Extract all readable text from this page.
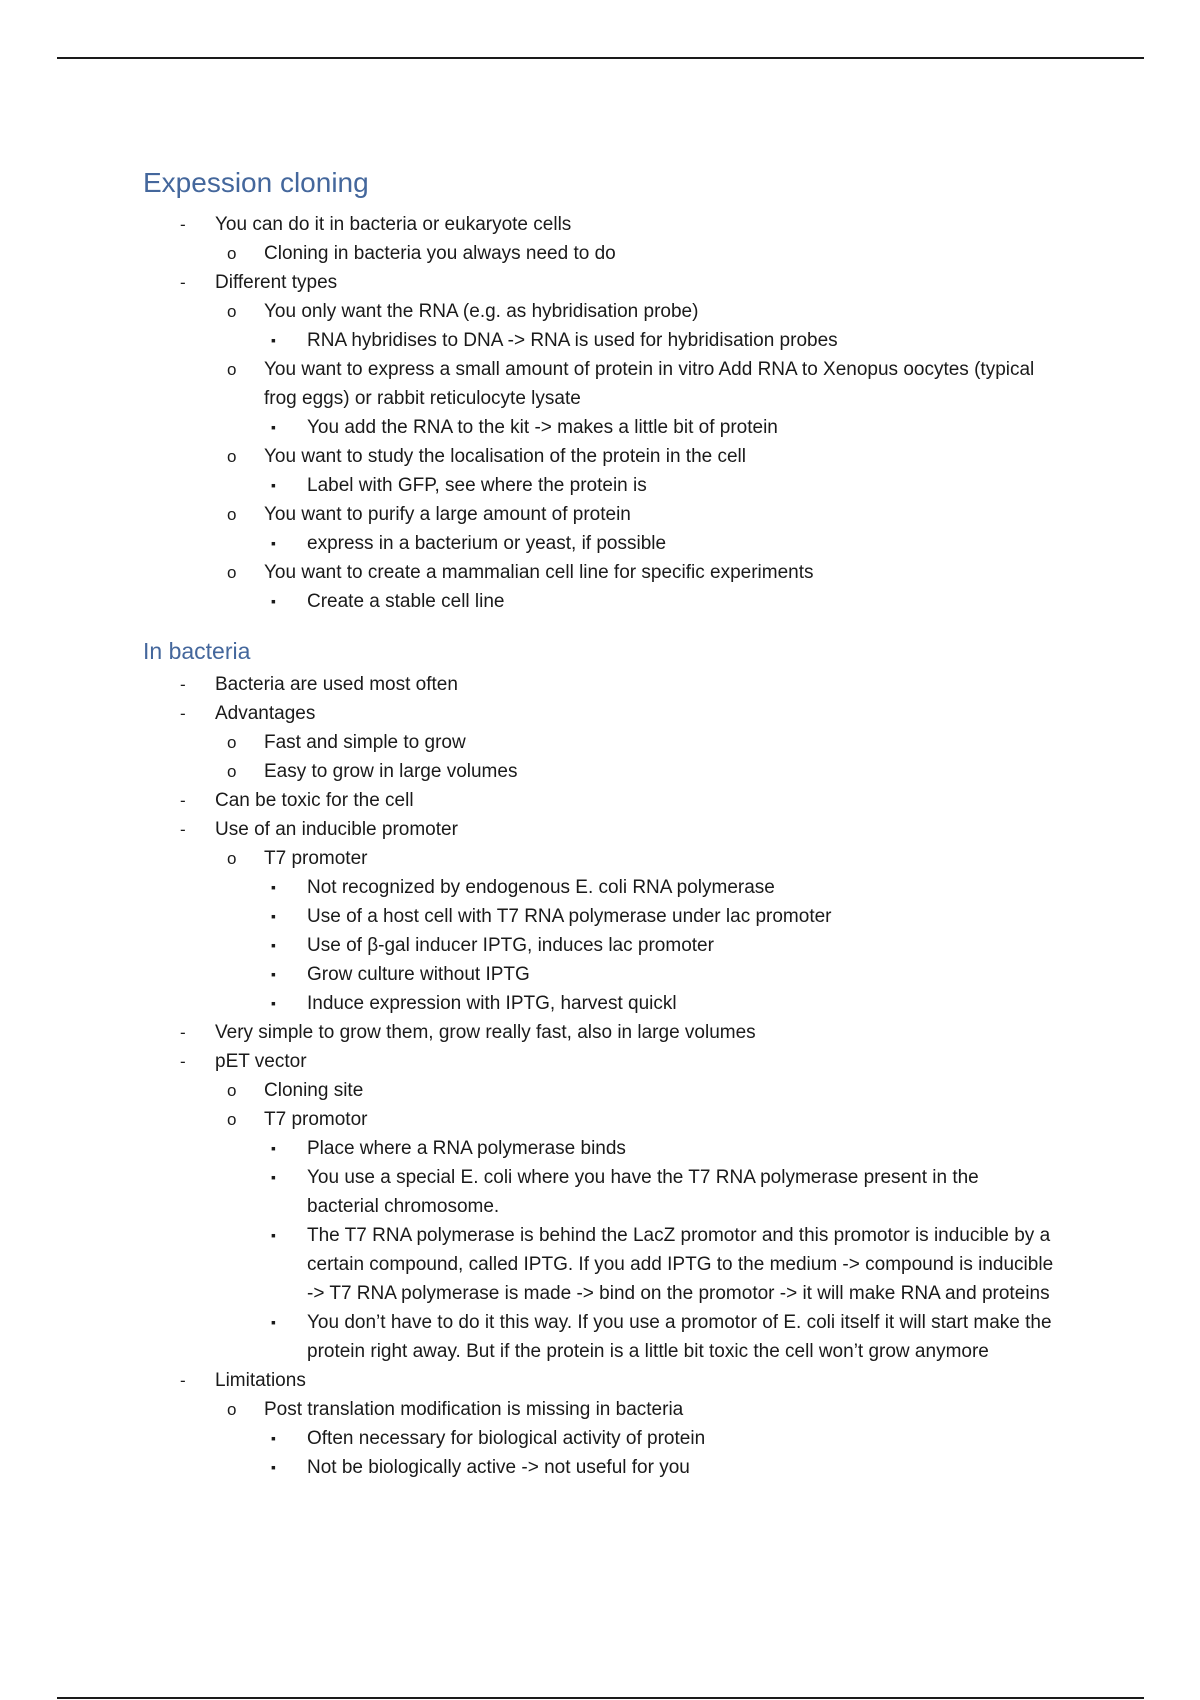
Expession cloning
- You can do it in bacteria or eukaryote cells
o Cloning in bacteria you always need to do
- Different types
o You only want the RNA (e.g. as hybridisation probe)
▪ RNA hybridises to DNA -> RNA is used for hybridisation probes
o You want to express a small amount of protein in vitro Add RNA to Xenopus oocytes (typical frog eggs) or rabbit reticulocyte lysate
▪ You add the RNA to the kit -> makes a little bit of protein
o You want to study the localisation of the protein in the cell
▪ Label with GFP, see where the protein is
o You want to purify a large amount of protein
▪ express in a bacterium or yeast, if possible
o You want to create a mammalian cell line for specific experiments
▪ Create a stable cell line
In bacteria
- Bacteria are used most often
- Advantages
o Fast and simple to grow
o Easy to grow in large volumes
- Can be toxic for the cell
- Use of an inducible promoter
o T7 promoter
▪ Not recognized by endogenous E. coli RNA polymerase
▪ Use of a host cell with T7 RNA polymerase under lac promoter
▪ Use of β-gal inducer IPTG, induces lac promoter
▪ Grow culture without IPTG
▪ Induce expression with IPTG, harvest quickl
- Very simple to grow them, grow really fast, also in large volumes
- pET vector
o Cloning site
o T7 promotor
▪ Place where a RNA polymerase binds
▪ You use a special E. coli where you have the T7 RNA polymerase present in the bacterial chromosome.
▪ The T7 RNA polymerase is behind the LacZ promotor and this promotor is inducible by a certain compound, called IPTG. If you add IPTG to the medium -> compound is inducible -> T7 RNA polymerase is made -> bind on the promotor -> it will make RNA and proteins
▪ You don’t have to do it this way. If you use a promotor of E. coli itself it will start make the protein right away. But if the protein is a little bit toxic the cell won’t grow anymore
- Limitations
o Post translation modification is missing in bacteria
▪ Often necessary for biological activity of protein
▪ Not be biologically active -> not useful for you
